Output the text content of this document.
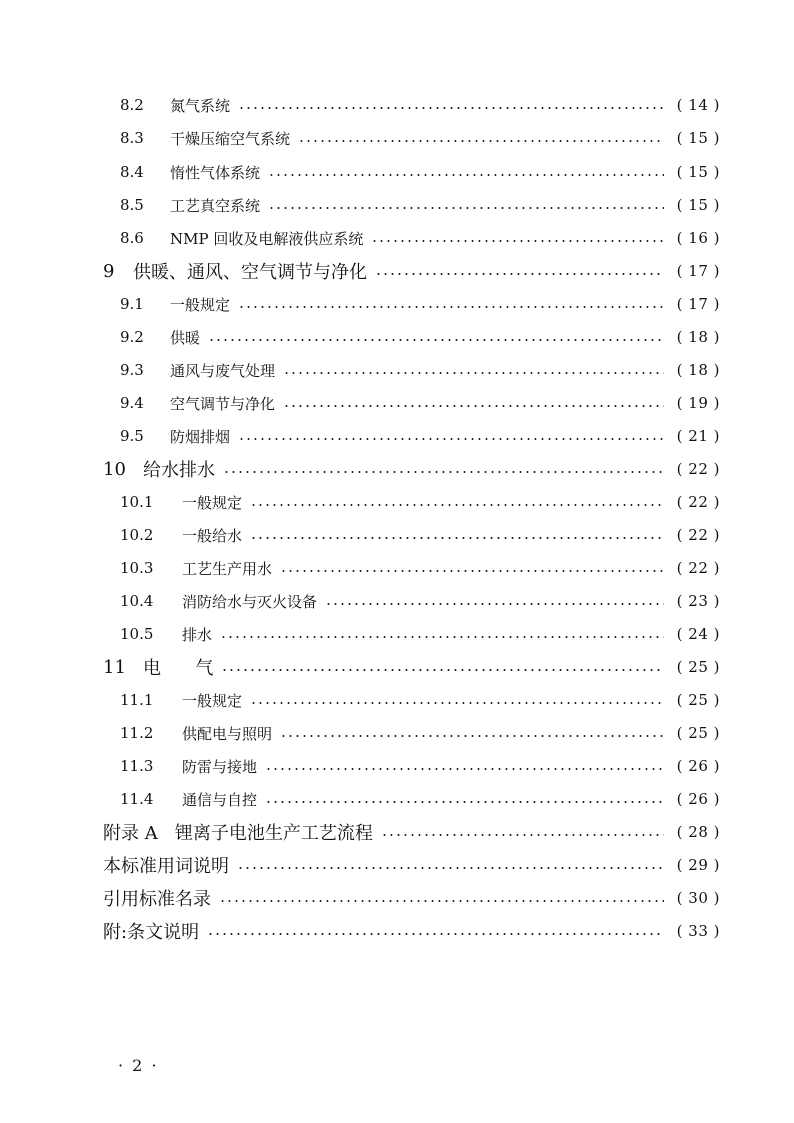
8.2	氮气系统	( 14 )
8.3	干燥压缩空气系统	( 15 )
8.4	惰性气体系统	( 15 )
8.5	工艺真空系统	( 15 )
8.6	NMP 回收及电解液供应系统	( 16 )
9	供暖、通风、空气调节与净化	( 17 )
9.1	一般规定	( 17 )
9.2	供暖	( 18 )
9.3	通风与废气处理	( 18 )
9.4	空气调节与净化	( 19 )
9.5	防烟排烟	( 21 )
10 给水排水	( 22 )
10.1	一般规定	( 22 )
10.2	一般给水	( 22 )
10.3	工艺生产用水	( 22 )
10.4	消防给水与灭火设备	( 23 )
10.5	排水	( 24 )
11 电      气	( 25 )
11.1	一般规定	( 25 )
11.2	供配电与照明	( 25 )
11.3	防雷与接地	( 26 )
11.4	通信与自控	( 26 )
附录 A   锂离子电池生产工艺流程	( 28 )
本标准用词说明	( 29 )
引用标准名录	( 30 )
附:条文说明	( 33 )
· 2 ·
